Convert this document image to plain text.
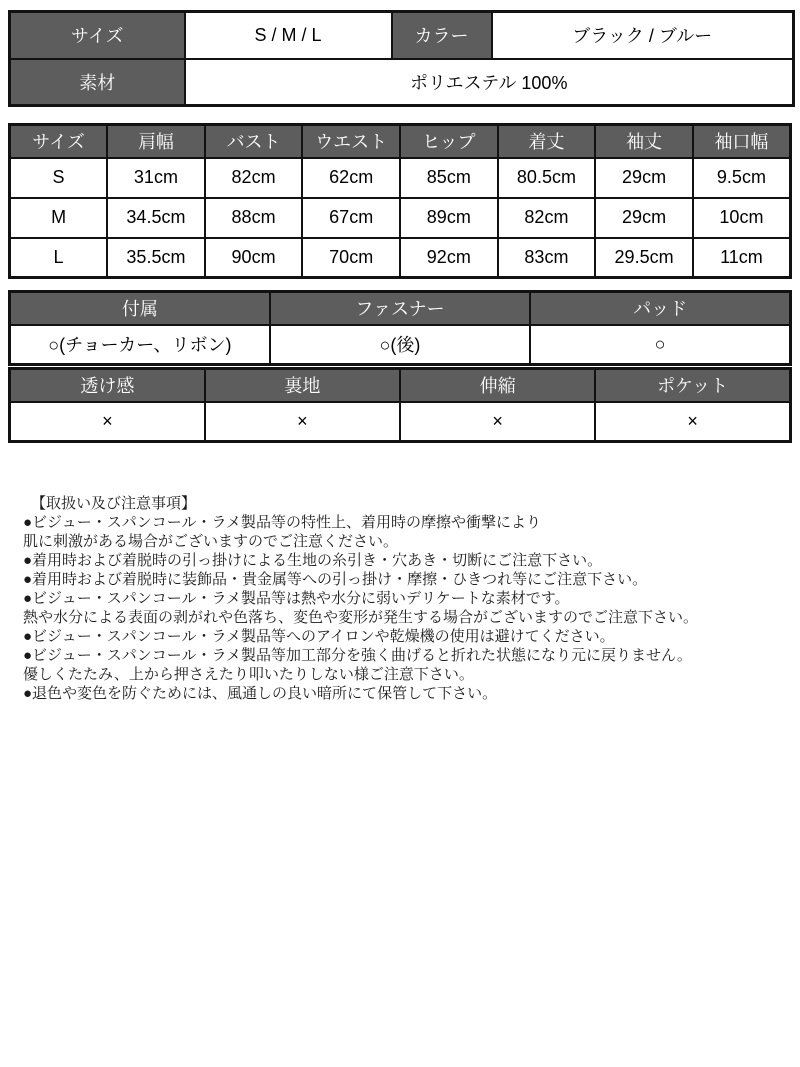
サイズ	S / M / L	カラー	ブラック / ブルー
素材	ポリエステル 100%		
サイズ	肩幅	バスト	ウエスト	ヒップ	着丈	袖丈	袖口幅
S	31cm	82cm	62cm	85cm	80.5cm	29cm	9.5cm
M	34.5cm	88cm	67cm	89cm	82cm	29cm	10cm
L	35.5cm	90cm	70cm	92cm	83cm	29.5cm	11cm
付属	ファスナー	パッド
○(チョーカー、リボン)	○(後)	○
透け感	裏地	伸縮	ポケット
×	×	×	×
【取扱い及び注意事項】
●ビジュー・スパンコール・ラメ製品等の特性上、着用時の摩擦や衝撃により
肌に刺激がある場合がございますのでご注意ください。
●着用時および着脱時の引っ掛けによる生地の糸引き・穴あき・切断にご注意下さい。
●着用時および着脱時に装飾品・貴金属等への引っ掛け・摩擦・ひきつれ等にご注意下さい。
●ビジュー・スパンコール・ラメ製品等は熱や水分に弱いデリケートな素材です。
熱や水分による表面の剥がれや色落ち、変色や変形が発生する場合がございますのでご注意下さい。
●ビジュー・スパンコール・ラメ製品等へのアイロンや乾燥機の使用は避けてください。
●ビジュー・スパンコール・ラメ製品等加工部分を強く曲げると折れた状態になり元に戻りません。
優しくたたみ、上から押さえたり叩いたりしない様ご注意下さい。
●退色や変色を防ぐためには、風通しの良い暗所にて保管して下さい。
